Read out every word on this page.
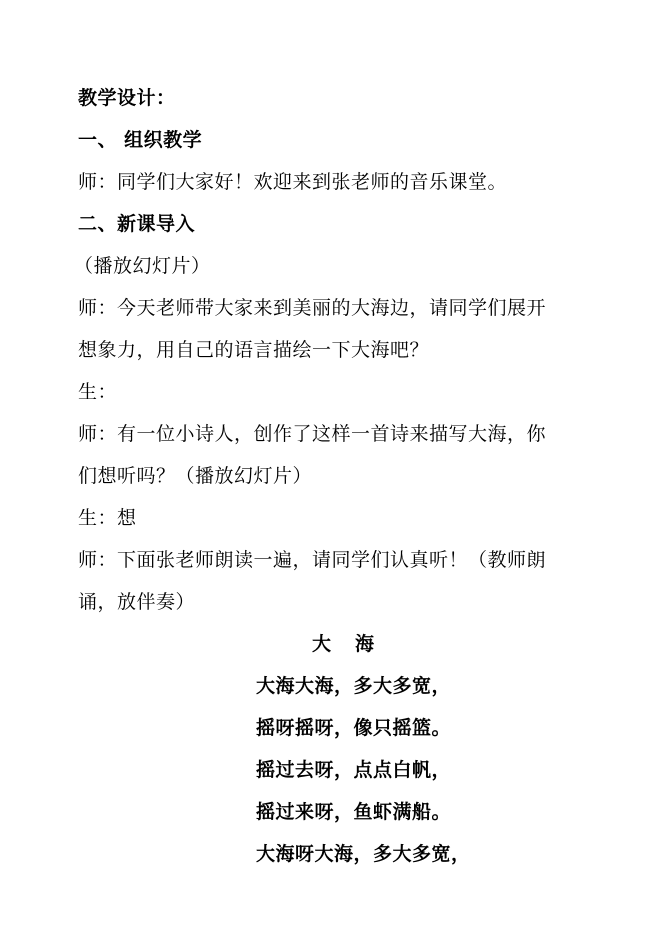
教学设计：
一、 组织教学
师：同学们大家好！欢迎来到张老师的音乐课堂。
二、新课导入
（播放幻灯片）
师：今天老师带大家来到美丽的大海边，请同学们展开
想象力，用自己的语言描绘一下大海吧？
生：
师：有一位小诗人，创作了这样一首诗来描写大海，你
们想听吗？（播放幻灯片）
生：想
师：下面张老师朗读一遍，请同学们认真听！（教师朗
诵，放伴奏）
大海
大海大海，多大多宽，
摇呀摇呀，像只摇篮。
摇过去呀，点点白帆，
摇过来呀，鱼虾满船。
大海呀大海，多大多宽，
